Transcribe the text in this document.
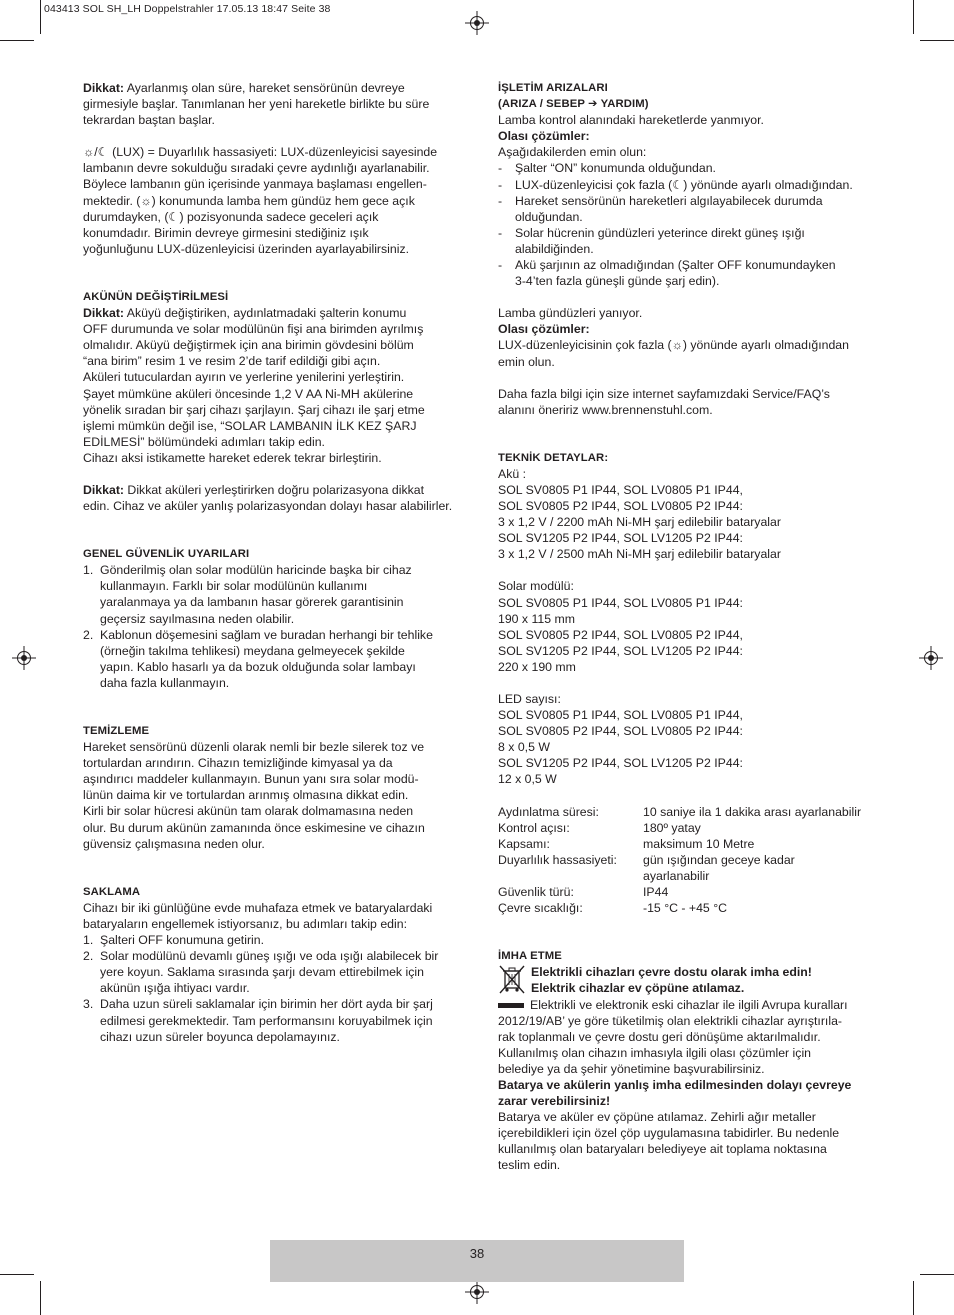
043413 SOL SH_LH Doppelstrahler 17.05.13 18:47 Seite 38

Dikkat: Ayarlanmış olan süre, hareket sensörünün devreye
girmesiyle başlar. Tanımlanan her yeni hareketle birlikte bu süre
tekrardan baştan başlar.

☼/☾ (LUX) = Duyarlılık hassasiyeti: LUX-düzenleyicisi sayesinde
lambanın devre sokulduğu sıradaki çevre aydınlığı ayarlanabilir.
Böylece lambanın gün içerisinde yanmaya başlaması engellen-
mektedir. (☼) konumunda lamba hem gündüz hem gece açık
durumdayken, (☾) pozisyonunda sadece geceleri açık
konumdadır. Birimin devreye girmesini stediğiniz ışık
yoğunluğunu LUX-düzenleyicisi üzerinden ayarlayabilirsiniz.

AKÜNÜN DEĞİŞTİRİLMESİ

Dikkat: Aküyü değiştiriken, aydınlatmadaki şalterin konumu
OFF durumunda ve solar modülünün fişi ana birimden ayrılmış
olmalıdır. Aküyü değiştirmek için ana birimin gövdesini bölüm
“ana birim” resim 1 ve resim 2’de tarif edildiği gibi açın.
Aküleri tutuculardan ayırın ve yerlerine yenilerini yerleştirin.
Şayet mümküne aküleri öncesinde 1,2 V AA Ni-MH akülerine
yönelik sıradan bir şarj cihazı şarjlayın. Şarj cihazı ile şarj etme
işlemi mümkün değil ise, “SOLAR LAMBANIN İLK KEZ ŞARJ
EDİLMESİ” bölümündeki adımları takip edin.
Cihazı aksi istikamette hareket ederek tekrar birleştirin.

Dikkat: Dikkat aküleri yerleştirirken doğru polarizasyona dikkat
edin. Cihaz ve aküler yanlış polarizasyondan dolayı hasar alabilirler.

GENEL GÜVENLİK UYARILARI

1. Gönderilmiş olan solar modülün haricinde başka bir cihaz
kullanmayın. Farklı bir solar modülünün kullanımı
yaralanmaya ya da lambanın hasar görerek garantisinin
geçersiz sayılmasına neden olabilir.
2. Kablonun döşemesini sağlam ve buradan herhangi bir tehlike
(örneğin takılma tehlikesi) meydana gelmeyecek şekilde
yapın. Kablo hasarlı ya da bozuk olduğunda solar lambayı
daha fazla kullanmayın.

TEMİZLEME

Hareket sensörünü düzenli olarak nemli bir bezle silerek toz ve
tortulardan arındırın. Cihazın temizliğinde kimyasal ya da
aşındırıcı maddeler kullanmayın. Bunun yanı sıra solar modü-
lünün daima kir ve tortulardan arınmış olmasına dikkat edin.
Kirli bir solar hücresi akünün tam olarak dolmamasına neden
olur. Bu durum akünün zamanında önce eskimesine ve cihazın
güvensiz çalışmasına neden olur.

SAKLAMA

Cihazı bir iki günlüğüne evde muhafaza etmek ve bataryalardaki
bataryaların engellemek istiyorsanız, bu adımları takip edin:

1. Şalteri OFF konumuna getirin.
2. Solar modülünü devamlı güneş ışığı ve oda ışığı alabilecek bir
yere koyun. Saklama sırasında şarjı devam ettirebilmek için
akünün ışığa ihtiyacı vardır.
3. Daha uzun süreli saklamalar için birimin her dört ayda bir şarj
edilmesi gerekmektedir. Tam performansını koruyabilmek için
cihazı uzun süreler boyunca depolamayınız.

İŞLETİM ARIZALARI

(ARIZA / SEBEP ➔ YARDIM)

Lamba kontrol alanındaki hareketlerde yanmıyor.

Olası çözümler:

Aşağıdakilerden emin olun:

- Şalter “ON” konumunda olduğundan.
- LUX-düzenleyicisi çok fazla (☾) yönünde ayarlı olmadığından.
- Hareket sensörünün hareketleri algılayabilecek durumda
olduğundan.
- Solar hücrenin gündüzleri yeterince direkt güneş ışığı
alabildiğinden.
- Akü şarjının az olmadığından (Şalter OFF konumundayken
3-4’ten fazla güneşli günde şarj edin).

Lamba gündüzleri yanıyor.

Olası çözümler:

LUX-düzenleyicisinin çok fazla (☼) yönünde ayarlı olmadığından
emin olun.

Daha fazla bilgi için size internet sayfamızdaki Service/FAQ’s
alanını öneririz www.brennenstuhl.com.

TEKNİK DETAYLAR:

Akü :
SOL SV0805 P1 IP44, SOL LV0805 P1 IP44,
SOL SV0805 P2 IP44, SOL LV0805 P2 IP44:
3 x 1,2 V / 2200 mAh Ni-MH şarj edilebilir bataryalar
SOL SV1205 P2 IP44, SOL LV1205 P2 IP44:
3 x 1,2 V / 2500 mAh Ni-MH şarj edilebilir bataryalar

Solar modülü:
SOL SV0805 P1 IP44, SOL LV0805 P1 IP44:
190 x 115 mm
SOL SV0805 P2 IP44, SOL LV0805 P2 IP44,
SOL SV1205 P2 IP44, SOL LV1205 P2 IP44:
220 x 190 mm

LED sayısı:
SOL SV0805 P1 IP44, SOL LV0805 P1 IP44,
SOL SV0805 P2 IP44, SOL LV0805 P2 IP44:
8 x 0,5 W
SOL SV1205 P2 IP44, SOL LV1205 P2 IP44:
12 x 0,5 W

Aydınlatma süresi:	10 saniye ila 1 dakika arası ayarlanabilir
Kontrol açısı:	180º yatay
Kapsamı:	maksimum 10 Metre
Duyarlılık hassasiyeti:	gün ışığından geceye kadar
ayarlanabilir
Güvenlik türü:	IP44
Çevre sıcaklığı:	-15 °C - +45 °C

İMHA ETME

Elektrikli cihazları çevre dostu olarak imha edin!

Elektrik cihazlar ev çöpüne atılamaz.

Elektrikli ve elektronik eski cihazlar ile ilgili Avrupa kuralları
2012/19/AB’ ye göre tüketilmiş olan elektrikli cihazlar ayrıştırıla-
rak toplanmalı ve çevre dostu geri dönüşüme aktarılmalıdır.
Kullanılmış olan cihazın imhasıyla ilgili olası çözümler için
belediye ya da şehir yönetimine başvurabilirsiniz.

Batarya ve akülerin yanlış imha edilmesinden dolayı çevreye
zarar verebilirsiniz!

Batarya ve aküler ev çöpüne atılamaz. Zehirli ağır metaller
içerebildikleri için özel çöp uygulamasına tabidirler. Bu nedenle
kullanılmış olan bataryaları belediyeye ait toplama noktasına
teslim edin.

38
